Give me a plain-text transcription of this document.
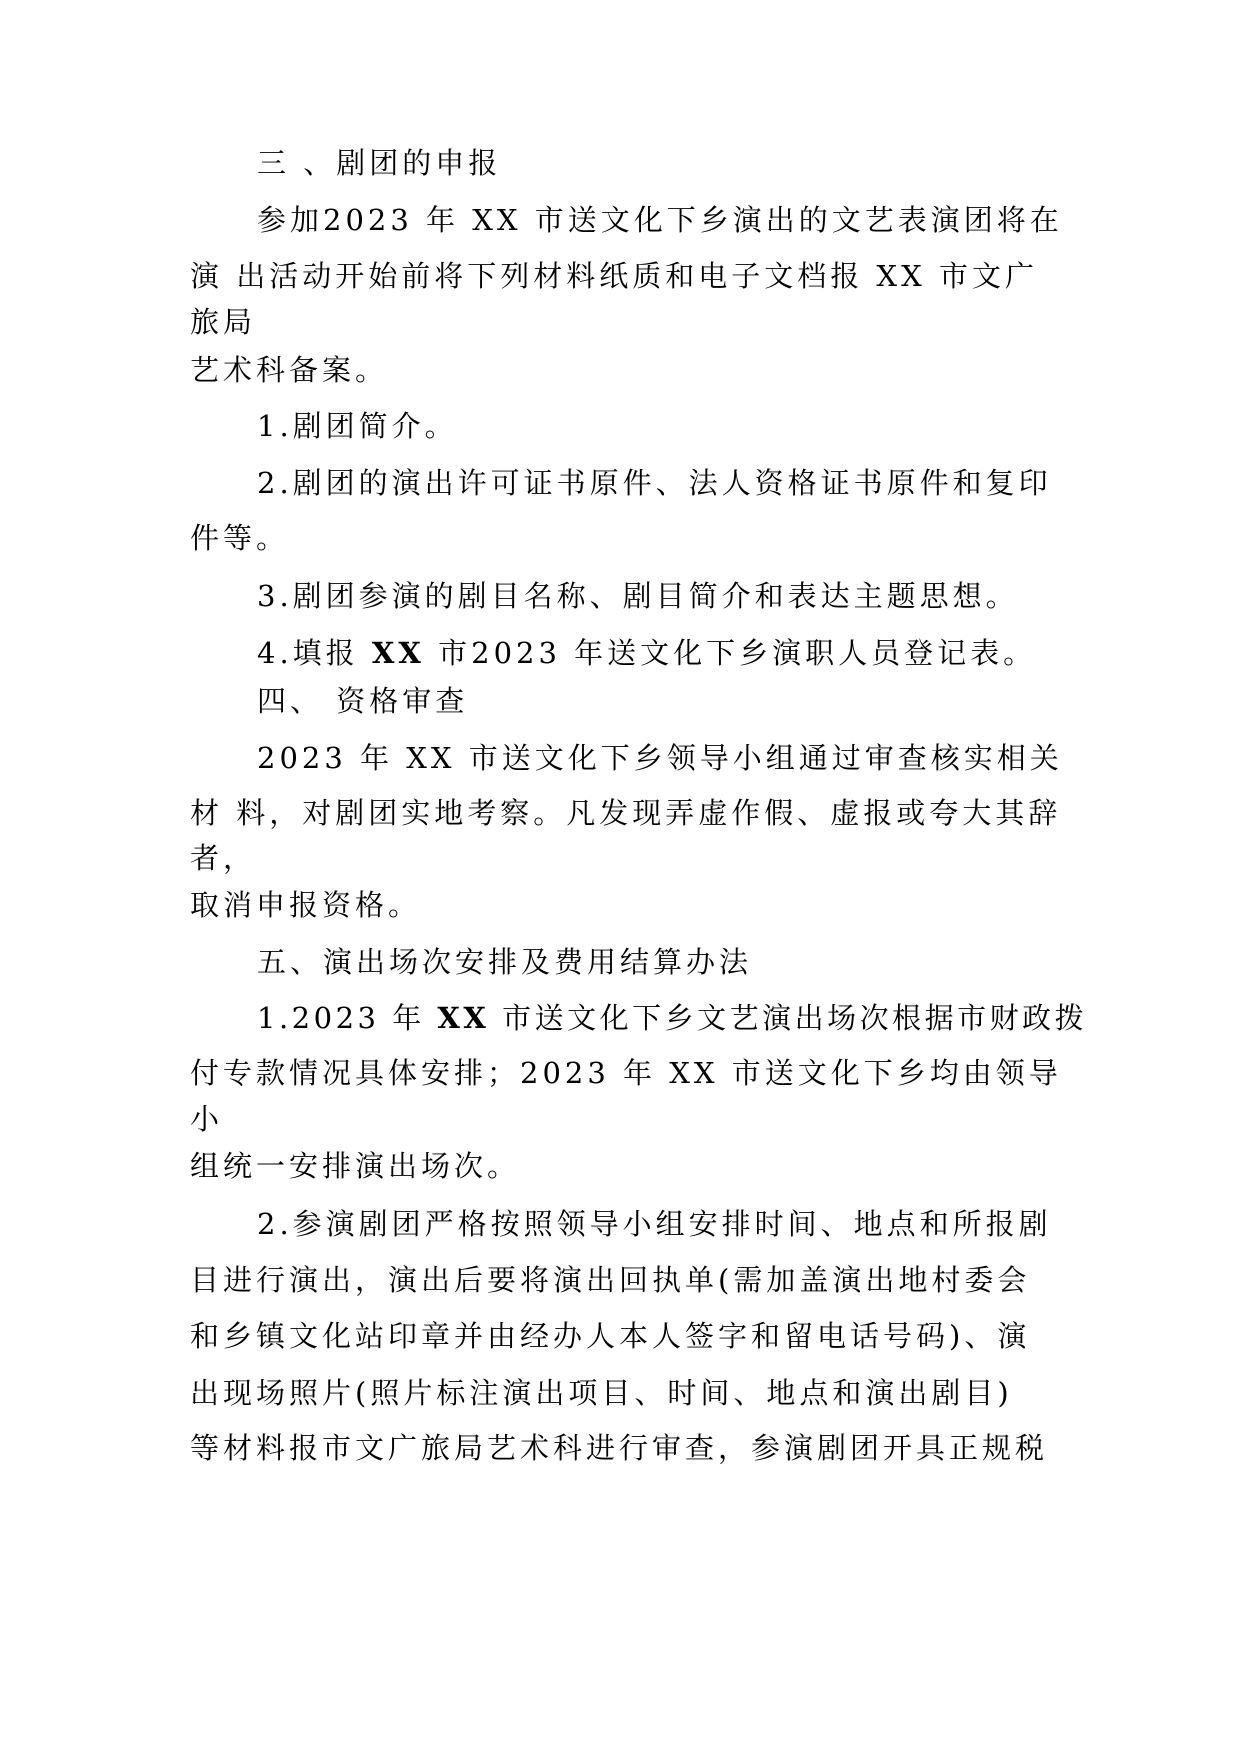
三 、剧团的申报
参加2023 年 XX 市送文化下乡演出的文艺表演团将在
演 出活动开始前将下列材料纸质和电子文档报 XX 市文广
旅局
艺术科备案。
1.剧团简介。
2.剧团的演出许可证书原件、法人资格证书原件和复印
件等。
3.剧团参演的剧目名称、剧目简介和表达主题思想。
4.填报 XX 市2023 年送文化下乡演职人员登记表。
四、 资格审查
2023 年 XX 市送文化下乡领导小组通过审查核实相关
材 料，对剧团实地考察。凡发现弄虚作假、虚报或夸大其辞
者，
取消申报资格。
五、演出场次安排及费用结算办法
1.2023 年 XX 市送文化下乡文艺演出场次根据市财政拨
付专款情况具体安排；2023 年 XX 市送文化下乡均由领导
小
组统一安排演出场次。
2.参演剧团严格按照领导小组安排时间、地点和所报剧
目进行演出，演出后要将演出回执单(需加盖演出地村委会
和乡镇文化站印章并由经办人本人签字和留电话号码)、演
出现场照片(照片标注演出项目、时间、地点和演出剧目)
等材料报市文广旅局艺术科进行审查，参演剧团开具正规税
